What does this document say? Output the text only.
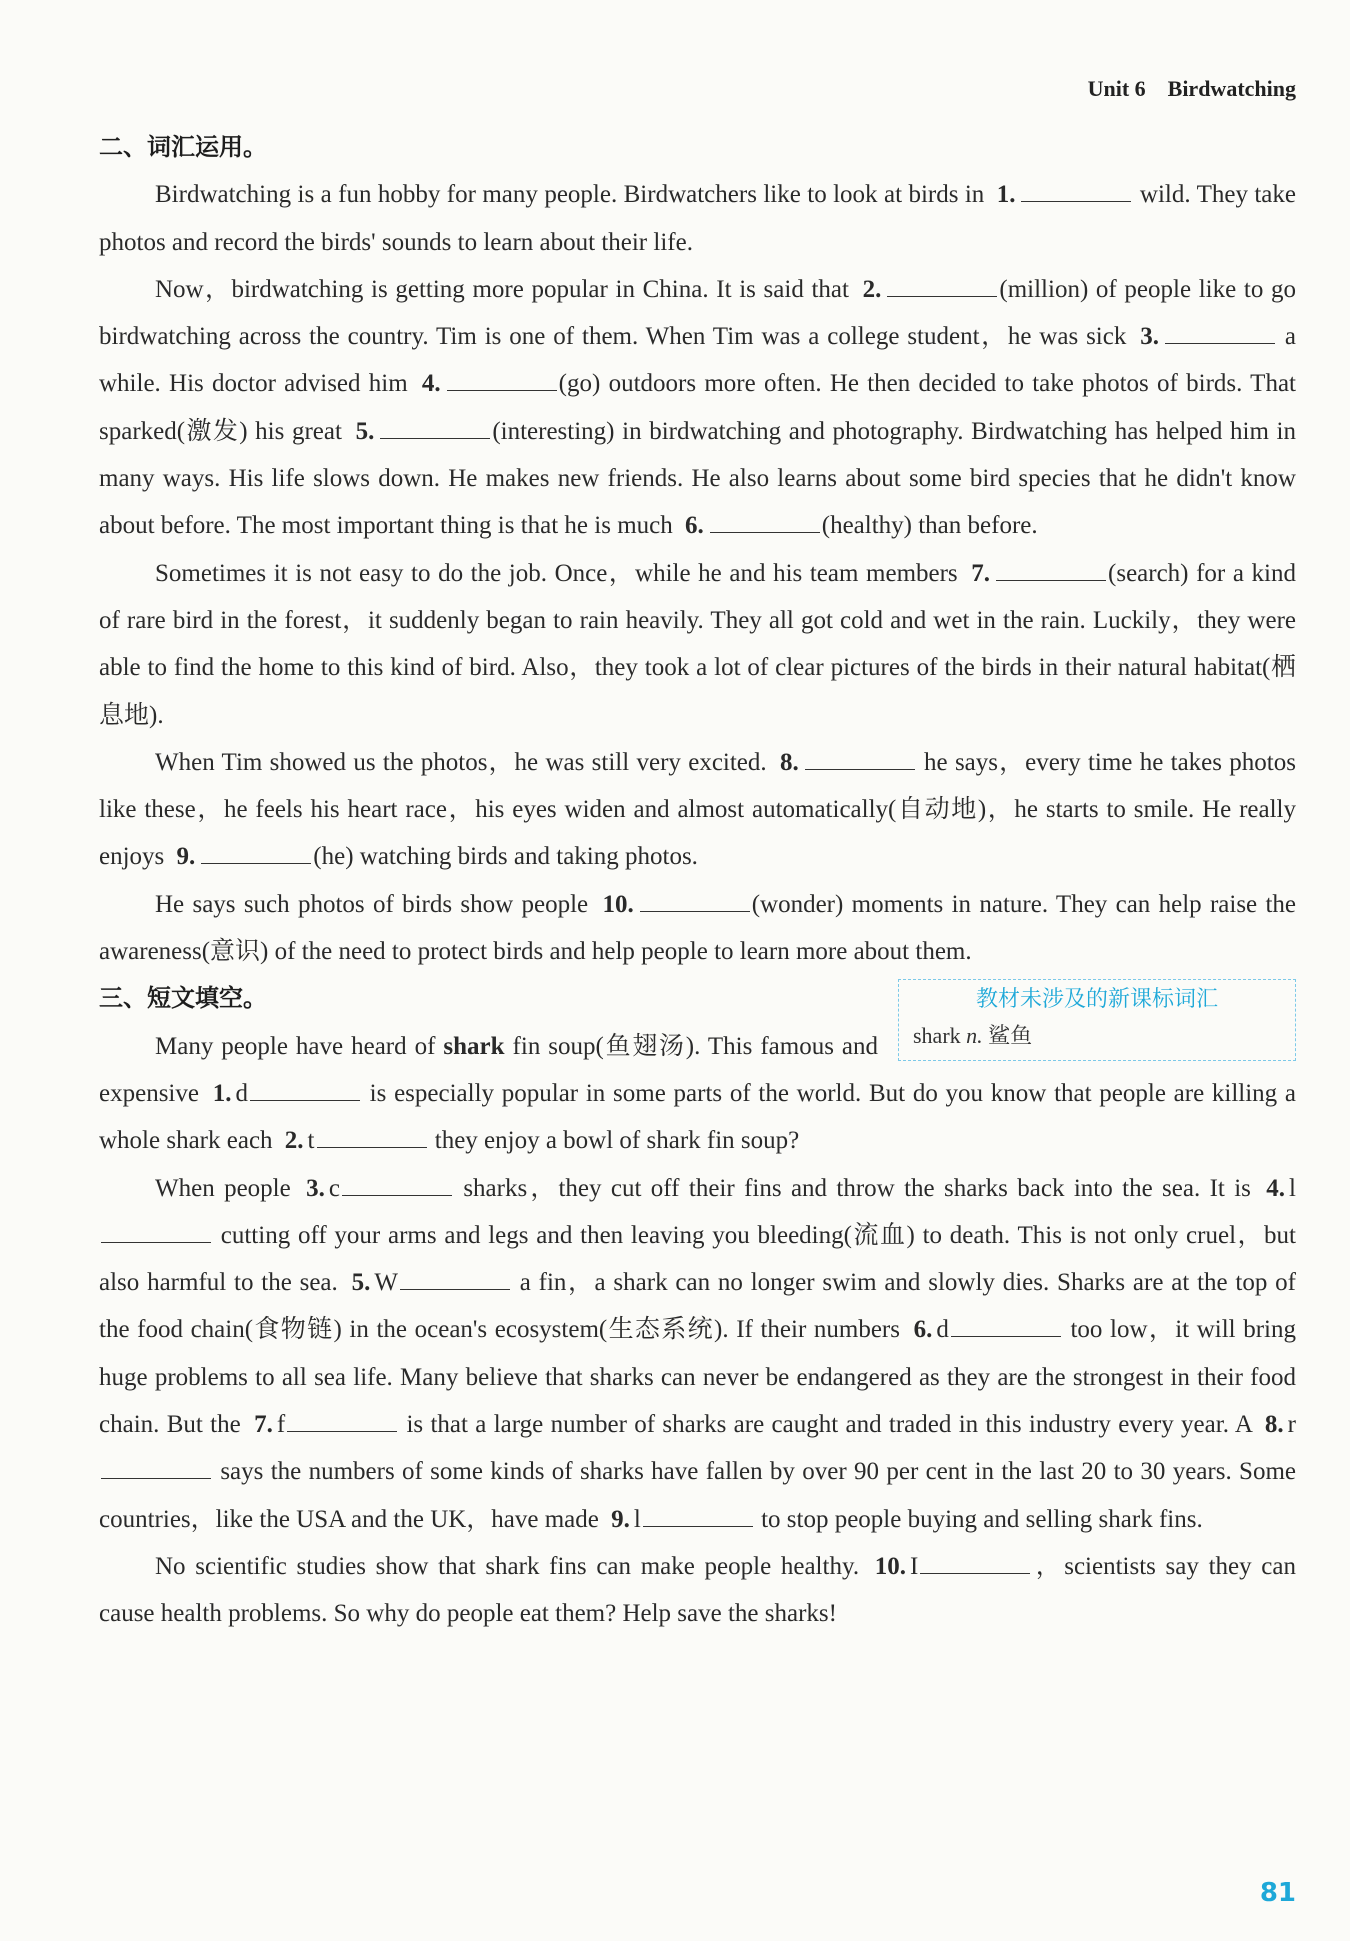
Unit 6 Birdwatching
二、词汇运用。

Birdwatching is a fun hobby for many people. Birdwatchers like to look at birds in 1.	wild. They take photos and record the birds' sounds to learn about their life.

Now，birdwatching is getting more popular in China. It is said that 2.	(million) of people like to go birdwatching across the country. Tim is one of them. When Tim was a college student，he was sick 3.	a while. His doctor advised him 4.	(go) outdoors more often. He then decided to take photos of birds. That sparked(激发) his great 5.	(interesting) in birdwatching and photography. Birdwatching has helped him in many ways. His life slows down. He makes new friends. He also learns about some bird species that he didn't know about before. The most important thing is that he is much 6.	(healthy) than before.

Sometimes it is not easy to do the job. Once，while he and his team members 7.	(search) for a kind of rare bird in the forest，it suddenly began to rain heavily. They all got cold and wet in the rain. Luckily，they were able to find the home to this kind of bird. Also，they took a lot of clear pictures of the birds in their natural habitat(栖息地).

When Tim showed us the photos，he was still very excited. 8.	he says，every time he takes photos like these，he feels his heart race，his eyes widen and almost automatically(自动地)，he starts to smile. He really enjoys 9.	(he) watching birds and taking photos.

He says such photos of birds show people 10.	(wonder) moments in nature. They can help raise the awareness(意识) of the need to protect birds and help people to learn more about them.

教材未涉及的新课标词汇
shark n. 鲨鱼
三、短文填空。

Many people have heard of shark fin soup(鱼翅汤). This famous and expensive 1. d	is especially popular in some parts of the world. But do you know that people are killing a whole shark each 2. t	they enjoy a bowl of shark fin soup?

When people 3. c	sharks，they cut off their fins and throw the sharks back into the sea. It is 4. l cutting off your arms and legs and then leaving you bleeding(流血) to death. This is not only cruel，but also harmful to the sea. 5. W	a fin，a shark can no longer swim and slowly dies. Sharks are at the top of the food chain(食物链) in the ocean's ecosystem(生态系统). If their numbers 6. d	too low，it will bring huge problems to all sea life. Many believe that sharks can never be endangered as they are the strongest in their food chain. But the 7. f	is that a large number of sharks are caught and traded in this industry every year. A 8. r says the numbers of some kinds of sharks have fallen by over 90 per cent in the last 20 to 30 years. Some countries，like the USA and the UK，have made 9. l	to stop people buying and selling shark fins.

No scientific studies show that shark fins can make people healthy. 10. I	，scientists say they can cause health problems. So why do people eat them? Help save the sharks!

81
